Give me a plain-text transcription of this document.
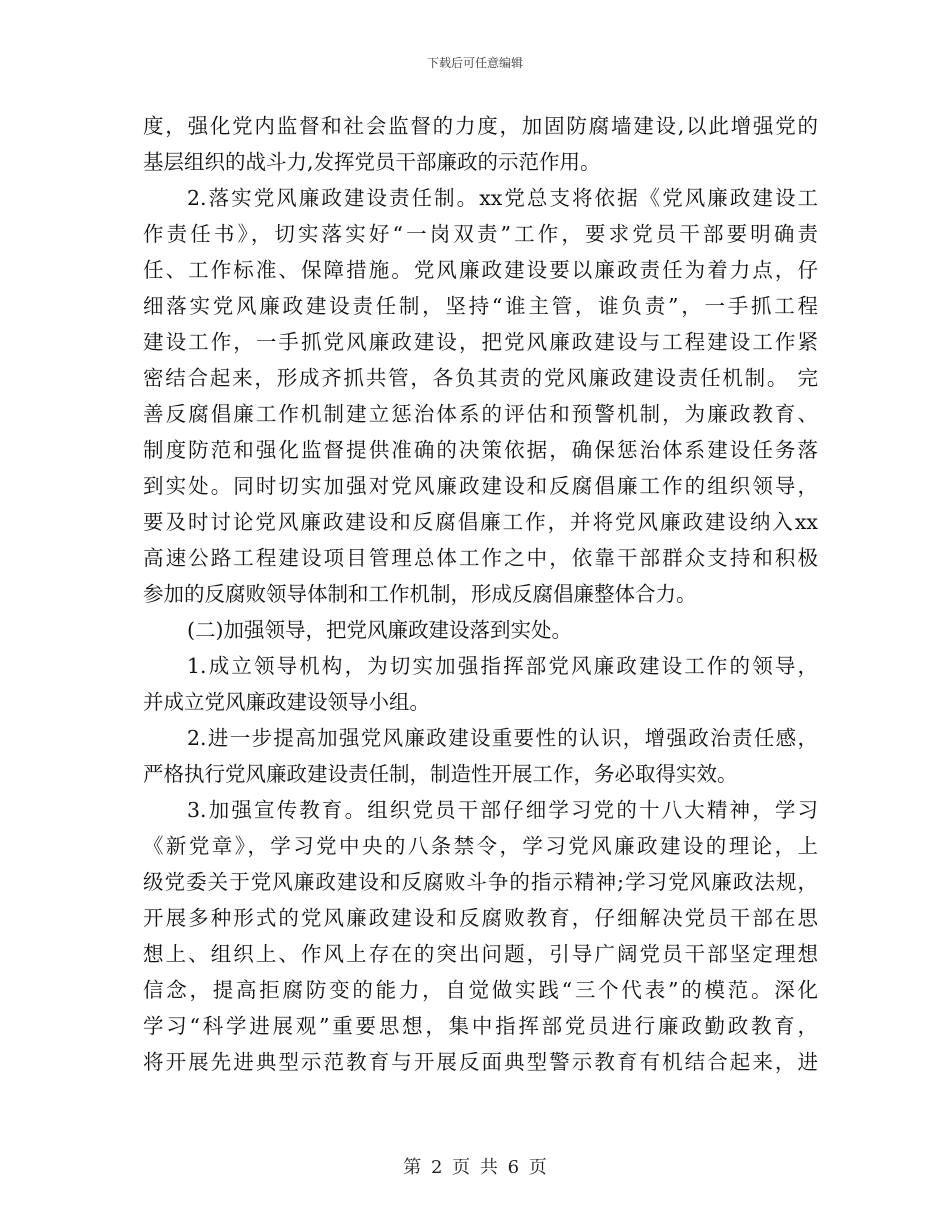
下载后可任意编辑
度，强化党内监督和社会监督的力度，加固防腐墙建设,以此增强党的
基层组织的战斗力,发挥党员干部廉政的示范作用。
2.落实党风廉政建设责任制。xx党总支将依据《党风廉政建设工
作责任书》，切实落实好“一岗双责”工作，要求党员干部要明确责
任、工作标准、保障措施。党风廉政建设要以廉政责任为着力点，仔
细落实党风廉政建设责任制，坚持“谁主管，谁负责”，一手抓工程
建设工作，一手抓党风廉政建设，把党风廉政建设与工程建设工作紧
密结合起来，形成齐抓共管，各负其责的党风廉政建设责任机制。 完
善反腐倡廉工作机制建立惩治体系的评估和预警机制，为廉政教育、
制度防范和强化监督提供准确的决策依据，确保惩治体系建设任务落
到实处。同时切实加强对党风廉政建设和反腐倡廉工作的组织领导，
要及时讨论党风廉政建设和反腐倡廉工作，并将党风廉政建设纳入xx
高速公路工程建设项目管理总体工作之中，依靠干部群众支持和积极
参加的反腐败领导体制和工作机制，形成反腐倡廉整体合力。
(二)加强领导，把党风廉政建设落到实处。
1.成立领导机构，为切实加强指挥部党风廉政建设工作的领导，
并成立党风廉政建设领导小组。
2.进一步提高加强党风廉政建设重要性的认识，增强政治责任感，
严格执行党风廉政建设责任制，制造性开展工作，务必取得实效。
3.加强宣传教育。组织党员干部仔细学习党的十八大精神，学习
《新党章》，学习党中央的八条禁令，学习党风廉政建设的理论，上
级党委关于党风廉政建设和反腐败斗争的指示精神;学习党风廉政法规，
开展多种形式的党风廉政建设和反腐败教育，仔细解决党员干部在思
想上、组织上、作风上存在的突出问题，引导广阔党员干部坚定理想
信念，提高拒腐防变的能力，自觉做实践“三个代表”的模范。深化
学习“科学进展观”重要思想，集中指挥部党员进行廉政勤政教育，
将开展先进典型示范教育与开展反面典型警示教育有机结合起来，进
第 2 页 共 6 页
